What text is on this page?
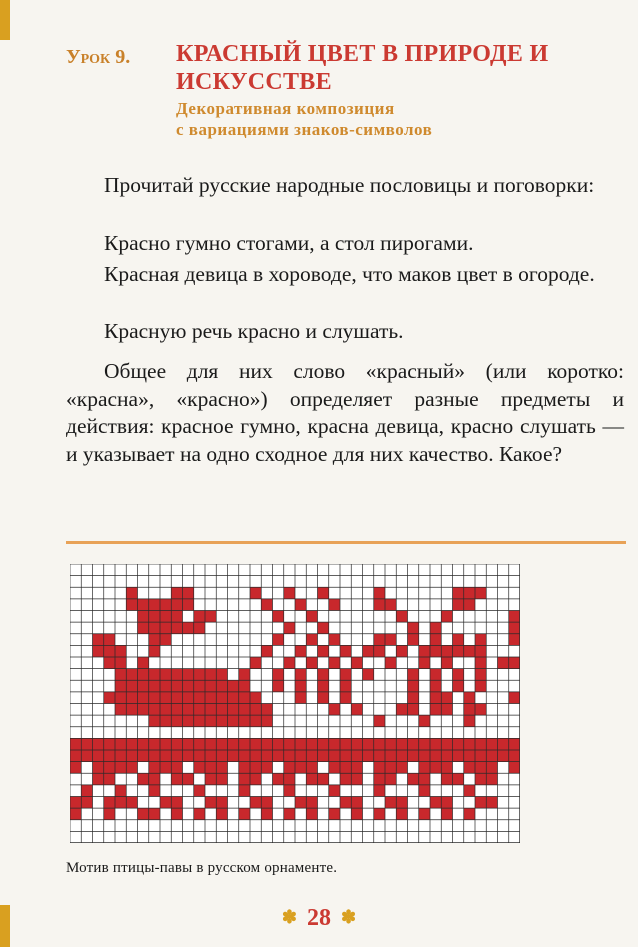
Урок 9. КРАСНЫЙ ЦВЕТ В ПРИРОДЕ И ИСКУССТВЕ
Декоративная композиция
с вариациями знаков-символов

Прочитай русские народные пословицы и поговорки:

Красно гумно стогами, а стол пирогами.

Красная девица в хороводе, что маков цвет в огороде.

Красную речь красно и слушать.

Общее для них слово «красный» (или коротко: «красна», «красно») определяет разные предметы и действия: красное гумно, красна девица, красно слушать — и указывает на одно сходное для них качество. Какое?

Мотив птицы-павы в русском орнаменте.
✽ 28 ✽
